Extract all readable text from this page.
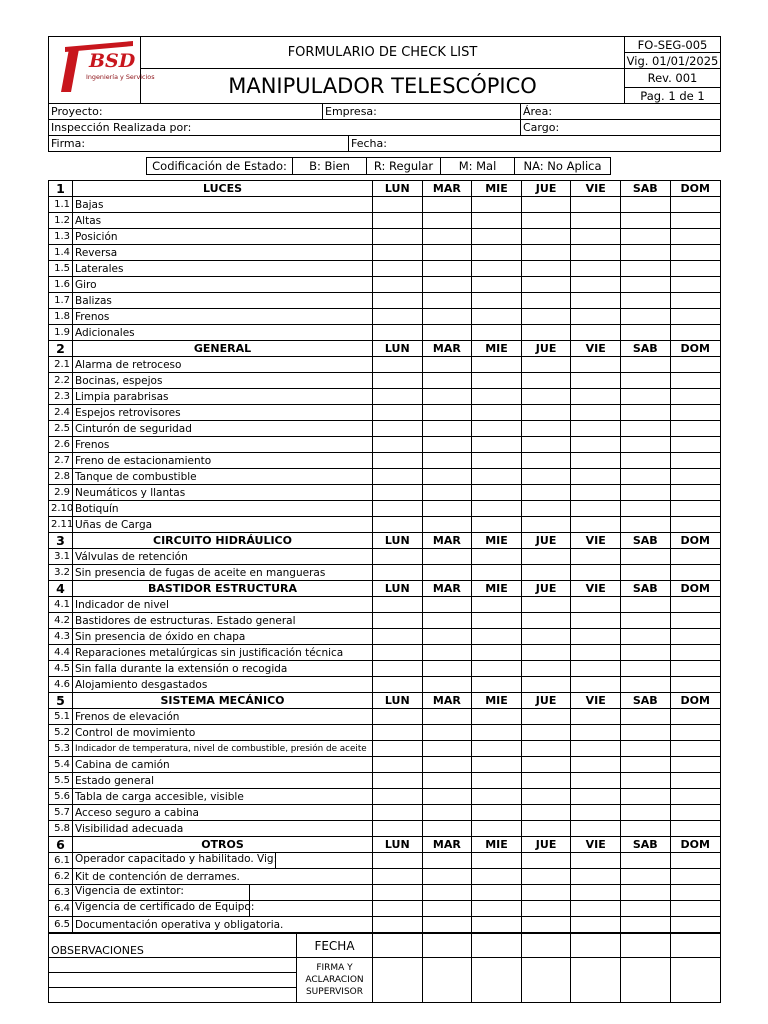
BSD
Ingeniería y Servicios	FORMULARIO DE CHECK LIST	FO-SEG-005
		Vig. 01/01/2025
	MANIPULADOR TELESCÓPICO	Rev. 001
		Pag. 1 de 1
Proyecto:	Empresa:		Área:
Inspección Realizada por:			Cargo:
Firma:		Fecha:	
Codificación de Estado:	B: Bien	R: Regular	M: Mal	NA: No Aplica
1	LUCES	LUN	MAR	MIE	JUE	VIE	SAB	DOM
1.1	Bajas							
1.2	Altas							
1.3	Posición							
1.4	Reversa							
1.5	Laterales							
1.6	Giro							
1.7	Balizas							
1.8	Frenos							
1.9	Adicionales							
2	GENERAL	LUN	MAR	MIE	JUE	VIE	SAB	DOM
2.1	Alarma de retroceso							
2.2	Bocinas, espejos							
2.3	Limpia parabrisas							
2.4	Espejos retrovisores							
2.5	Cinturón de seguridad							
2.6	Frenos							
2.7	Freno de estacionamiento							
2.8	Tanque de combustible							
2.9	Neumáticos y llantas							
2.10	Botiquín							
2.11	Uñas de Carga							
3	CIRCUITO HIDRÁULICO	LUN	MAR	MIE	JUE	VIE	SAB	DOM
3.1	Válvulas de retención							
3.2	Sin presencia de fugas de aceite en mangueras							
4	BASTIDOR ESTRUCTURA	LUN	MAR	MIE	JUE	VIE	SAB	DOM
4.1	Indicador de nivel							
4.2	Bastidores de estructuras. Estado general							
4.3	Sin presencia de óxido en chapa							
4.4	Reparaciones metalúrgicas sin justificación técnica							
4.5	Sin falla durante la extensión o recogida							
4.6	Alojamiento desgastados							
5	SISTEMA MECÁNICO	LUN	MAR	MIE	JUE	VIE	SAB	DOM
5.1	Frenos de elevación							
5.2	Control de movimiento							
5.3	Indicador de temperatura, nivel de combustible, presión de aceite							
5.4	Cabina de camión							
5.5	Estado general							
5.6	Tabla de carga accesible, visible							
5.7	Acceso seguro a cabina							
5.8	Visibilidad adecuada							
6	OTROS	LUN	MAR	MIE	JUE	VIE	SAB	DOM
6.1	Operador capacitado y habilitado. Vig:							

6.2	Kit de contención de derrames.							
6.3	Vigencia de extintor:							

6.4	Vigencia de certificado de Equipo:							

6.5	Documentación operativa y obligatoria.							
OBSERVACIONES	FECHA							
	FIRMA Y ACLARACION SUPERVISOR							
